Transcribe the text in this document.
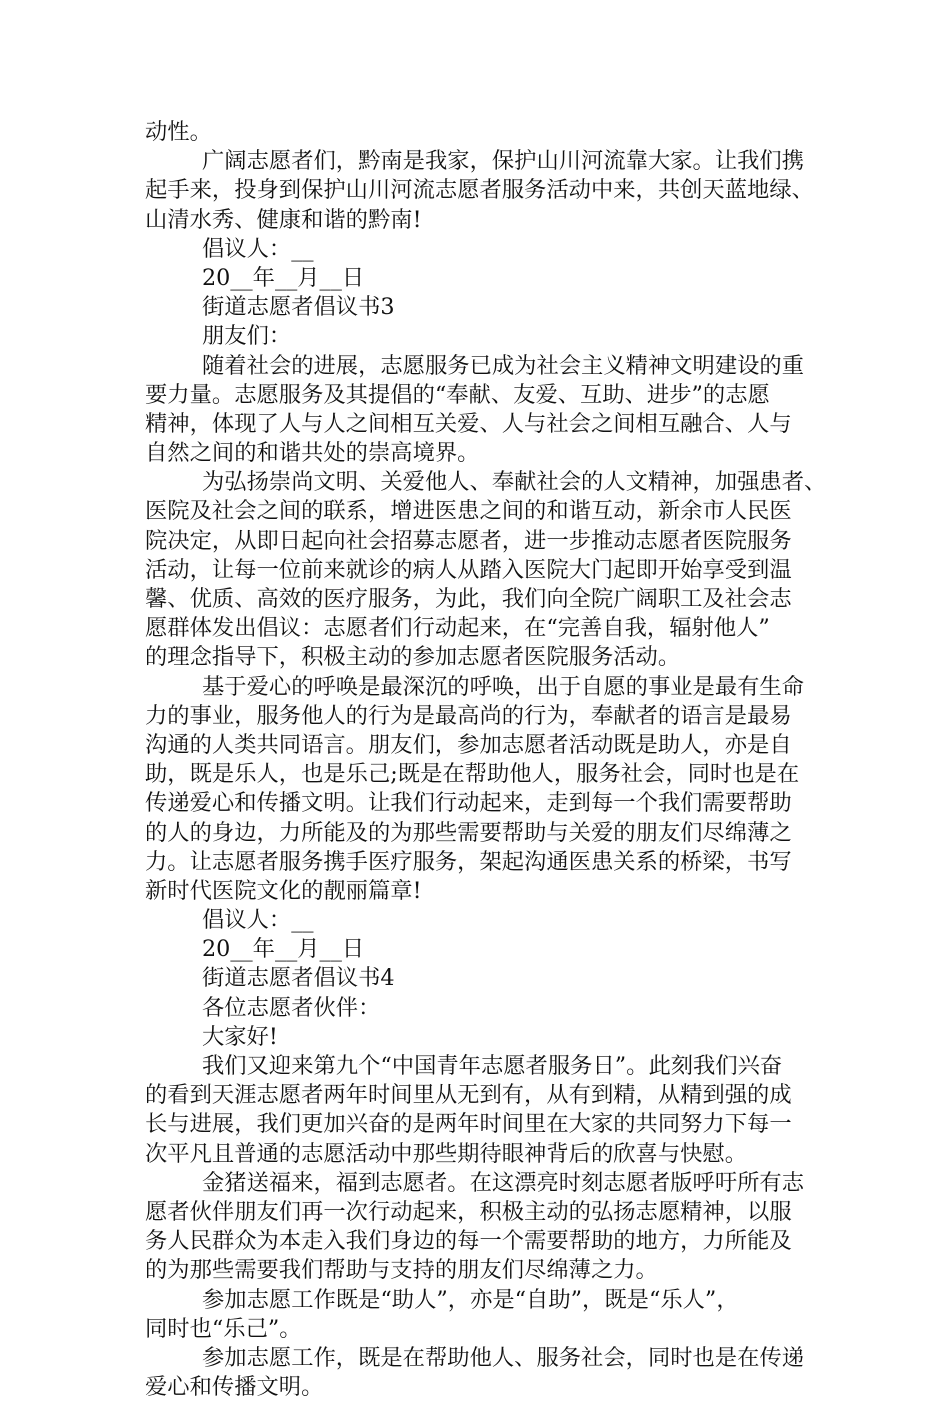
动性。
广阔志愿者们，黔南是我家，保护山川河流靠大家。让我们携
起手来，投身到保护山川河流志愿者服务活动中来，共创天蓝地绿、
山清水秀、健康和谐的黔南!
倡议人：__
20__年__月__日
街道志愿者倡议书3
朋友们：
随着社会的进展，志愿服务已成为社会主义精神文明建设的重
要力量。志愿服务及其提倡的“奉献、友爱、互助、进步”的志愿
精神，体现了人与人之间相互关爱、人与社会之间相互融合、人与
自然之间的和谐共处的崇高境界。
为弘扬崇尚文明、关爱他人、奉献社会的人文精神，加强患者、
医院及社会之间的联系，增进医患之间的和谐互动，新余市人民医
院决定，从即日起向社会招募志愿者，进一步推动志愿者医院服务
活动，让每一位前来就诊的病人从踏入医院大门起即开始享受到温
馨、优质、高效的医疗服务，为此，我们向全院广阔职工及社会志
愿群体发出倡议：志愿者们行动起来，在“完善自我，辐射他人”
的理念指导下，积极主动的参加志愿者医院服务活动。
基于爱心的呼唤是最深沉的呼唤，出于自愿的事业是最有生命
力的事业，服务他人的行为是最高尚的行为，奉献者的语言是最易
沟通的人类共同语言。朋友们，参加志愿者活动既是助人，亦是自
助，既是乐人，也是乐己;既是在帮助他人，服务社会，同时也是在
传递爱心和传播文明。让我们行动起来，走到每一个我们需要帮助
的人的身边，力所能及的为那些需要帮助与关爱的朋友们尽绵薄之
力。让志愿者服务携手医疗服务，架起沟通医患关系的桥梁，书写
新时代医院文化的靓丽篇章!
倡议人：__
20__年__月__日
街道志愿者倡议书4
各位志愿者伙伴：
大家好!
我们又迎来第九个“中国青年志愿者服务日”。此刻我们兴奋
的看到天涯志愿者两年时间里从无到有，从有到精，从精到强的成
长与进展，我们更加兴奋的是两年时间里在大家的共同努力下每一
次平凡且普通的志愿活动中那些期待眼神背后的欣喜与快慰。
金猪送福来，福到志愿者。在这漂亮时刻志愿者版呼吁所有志
愿者伙伴朋友们再一次行动起来，积极主动的弘扬志愿精神，以服
务人民群众为本走入我们身边的每一个需要帮助的地方，力所能及
的为那些需要我们帮助与支持的朋友们尽绵薄之力。
参加志愿工作既是“助人”，亦是“自助”，既是“乐人”，
同时也“乐己”。
参加志愿工作，既是在帮助他人、服务社会，同时也是在传递
爱心和传播文明。
